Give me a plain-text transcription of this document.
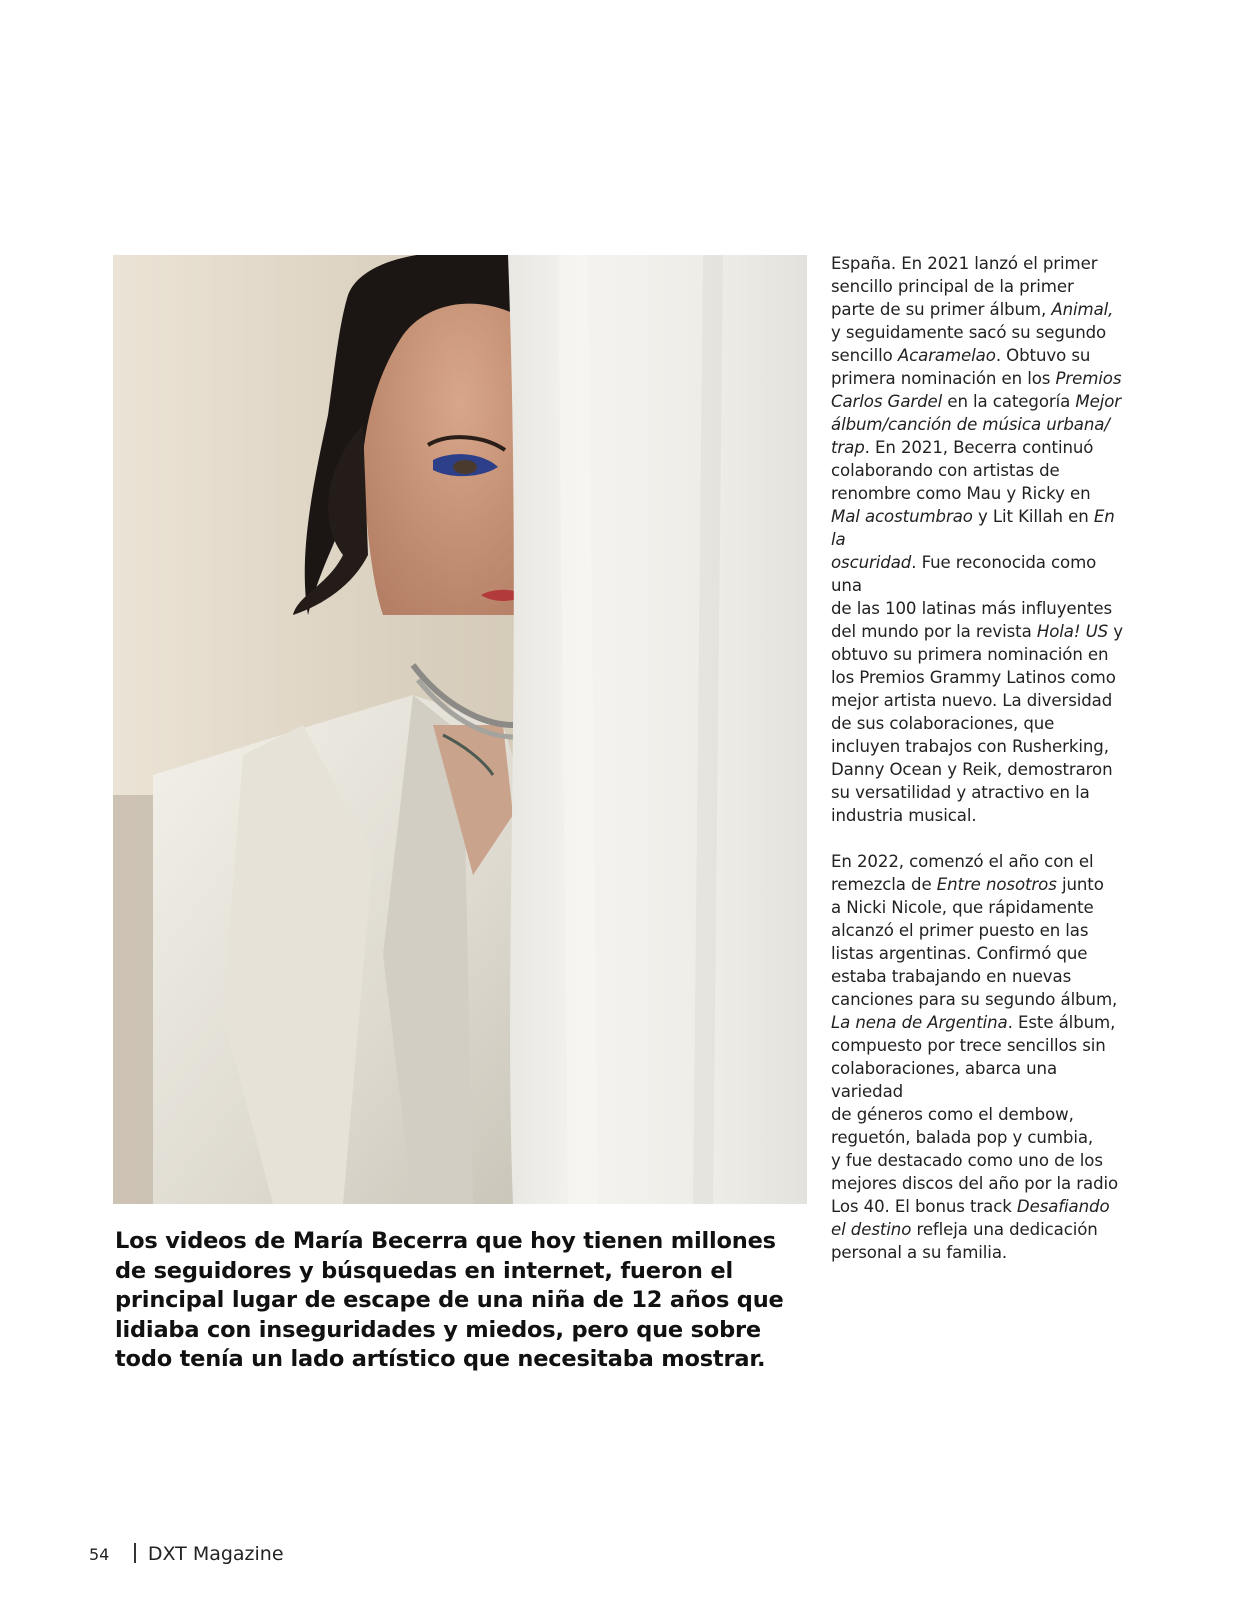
España. En 2021 lanzó el primer
sencillo principal de la primer
parte de su primer álbum, Animal,
y seguidamente sacó su segundo
sencillo Acaramelao. Obtuvo su
primera nominación en los Premios
Carlos Gardel en la categoría Mejor
álbum/canción de música urbana/
trap. En 2021, Becerra continuó
colaborando con artistas de
renombre como Mau y Ricky en
Mal acostumbrao y Lit Killah en En la
oscuridad. Fue reconocida como una
de las 100 latinas más influyentes
del mundo por la revista Hola! US y
obtuvo su primera nominación en
los Premios Grammy Latinos como
mejor artista nuevo. La diversidad
de sus colaboraciones, que
incluyen trabajos con Rusherking,
Danny Ocean y Reik, demostraron
su versatilidad y atractivo en la
industria musical.

En 2022, comenzó el año con el
remezcla de Entre nosotros junto
a Nicki Nicole, que rápidamente
alcanzó el primer puesto en las
listas argentinas. Confirmó que
estaba trabajando en nuevas
canciones para su segundo álbum,
La nena de Argentina. Este álbum,
compuesto por trece sencillos sin
colaboraciones, abarca una variedad
de géneros como el dembow,
reguetón, balada pop y cumbia,
y fue destacado como uno de los
mejores discos del año por la radio
Los 40. El bonus track Desafiando
el destino refleja una dedicación
personal a su familia.

Los videos de María Becerra que hoy tienen millones
de seguidores y búsquedas en internet, fueron el
principal lugar de escape de una niña de 12 años que
lidiaba con inseguridades y miedos, pero que sobre
todo tenía un lado artístico que necesitaba mostrar.

54 DXT Magazine
